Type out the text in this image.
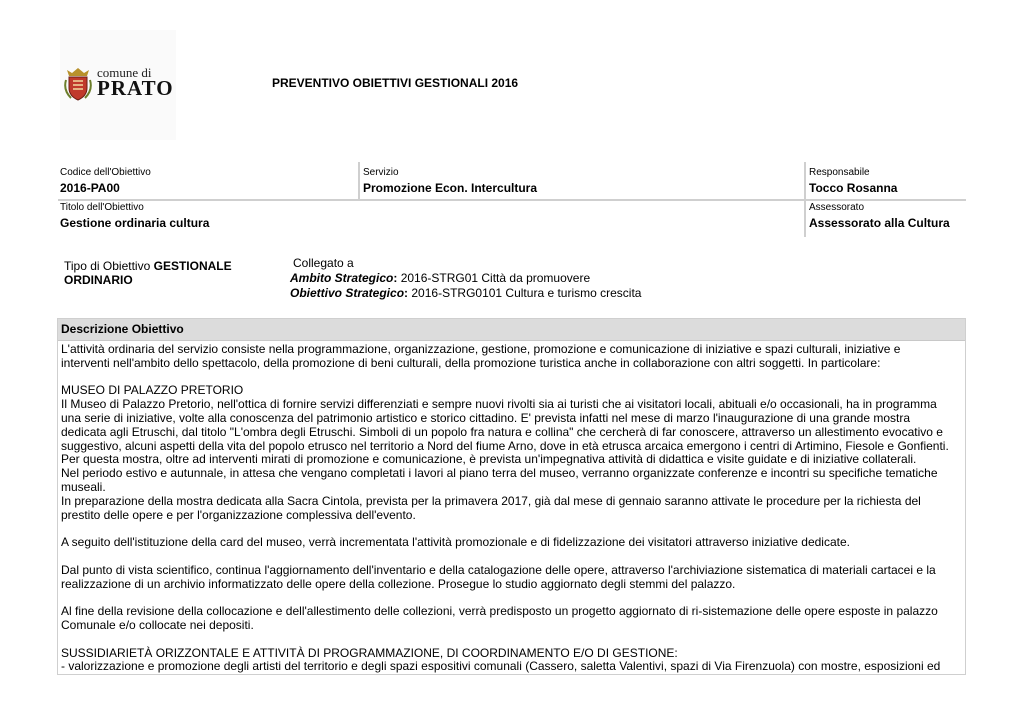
comune di
PRATO	PREVENTIVO OBIETTIVI GESTIONALI 2016
Codice dell'Obiettivo
2016-PA00
Servizio
Promozione Econ. Intercultura
Responsabile
Tocco Rosanna
Titolo dell'Obiettivo
Gestione ordinaria cultura
Assessorato
Assessorato alla Cultura
Tipo di Obiettivo GESTIONALE
ORDINARIO
Collegato a
Ambito Strategico: 2016-STRG01 Città da promuovere
Obiettivo Strategico: 2016-STRG0101 Cultura e turismo crescita
Descrizione Obiettivo

L'attività ordinaria del servizio consiste nella programmazione, organizzazione, gestione, promozione e comunicazione di iniziative e spazi culturali, iniziative e
interventi nell'ambito dello spettacolo, della promozione di beni culturali, della promozione turistica anche in collaborazione con altri soggetti. In particolare:

MUSEO DI PALAZZO PRETORIO
Il Museo di Palazzo Pretorio, nell'ottica di fornire servizi differenziati e sempre nuovi rivolti sia ai turisti che ai visitatori locali, abituali e/o occasionali, ha in programma
una serie di iniziative, volte alla conoscenza del patrimonio artistico e storico cittadino. E' prevista infatti nel mese di marzo l'inaugurazione di una grande mostra
dedicata agli Etruschi, dal titolo "L'ombra degli Etruschi. Simboli di un popolo fra natura e collina" che cercherà di far conoscere, attraverso un allestimento evocativo e
suggestivo, alcuni aspetti della vita del popolo etrusco nel territorio a Nord del fiume Arno, dove in età etrusca arcaica emergono i centri di Artimino, Fiesole e Gonfienti.
Per questa mostra, oltre ad interventi mirati di promozione e comunicazione, è prevista un'impegnativa attività di didattica e visite guidate e di iniziative collaterali.
Nel periodo estivo e autunnale, in attesa che vengano completati i lavori al piano terra del museo, verranno organizzate conferenze e incontri su specifiche tematiche
museali.
In preparazione della mostra dedicata alla Sacra Cintola, prevista per la primavera 2017, già dal mese di gennaio saranno attivate le procedure per la richiesta del
prestito delle opere e per l'organizzazione complessiva dell'evento.

A seguito dell'istituzione della card del museo, verrà incrementata l'attività promozionale e di fidelizzazione dei visitatori attraverso iniziative dedicate.

Dal punto di vista scientifico, continua l'aggiornamento dell'inventario e della catalogazione delle opere, attraverso l'archiviazione sistematica di materiali cartacei e la
realizzazione di un archivio informatizzato delle opere della collezione. Prosegue lo studio aggiornato degli stemmi del palazzo.

Al fine della revisione della collocazione e dell'allestimento delle collezioni, verrà predisposto un progetto aggiornato di ri-sistemazione delle opere esposte in palazzo
Comunale e/o collocate nei depositi.

SUSSIDIARIETÀ ORIZZONTALE E ATTIVITÀ DI PROGRAMMAZIONE, DI COORDINAMENTO E/O DI GESTIONE:
- valorizzazione e promozione degli artisti del territorio e degli spazi espositivi comunali (Cassero, saletta Valentivi, spazi di Via Firenzuola) con mostre, esposizioni ed
